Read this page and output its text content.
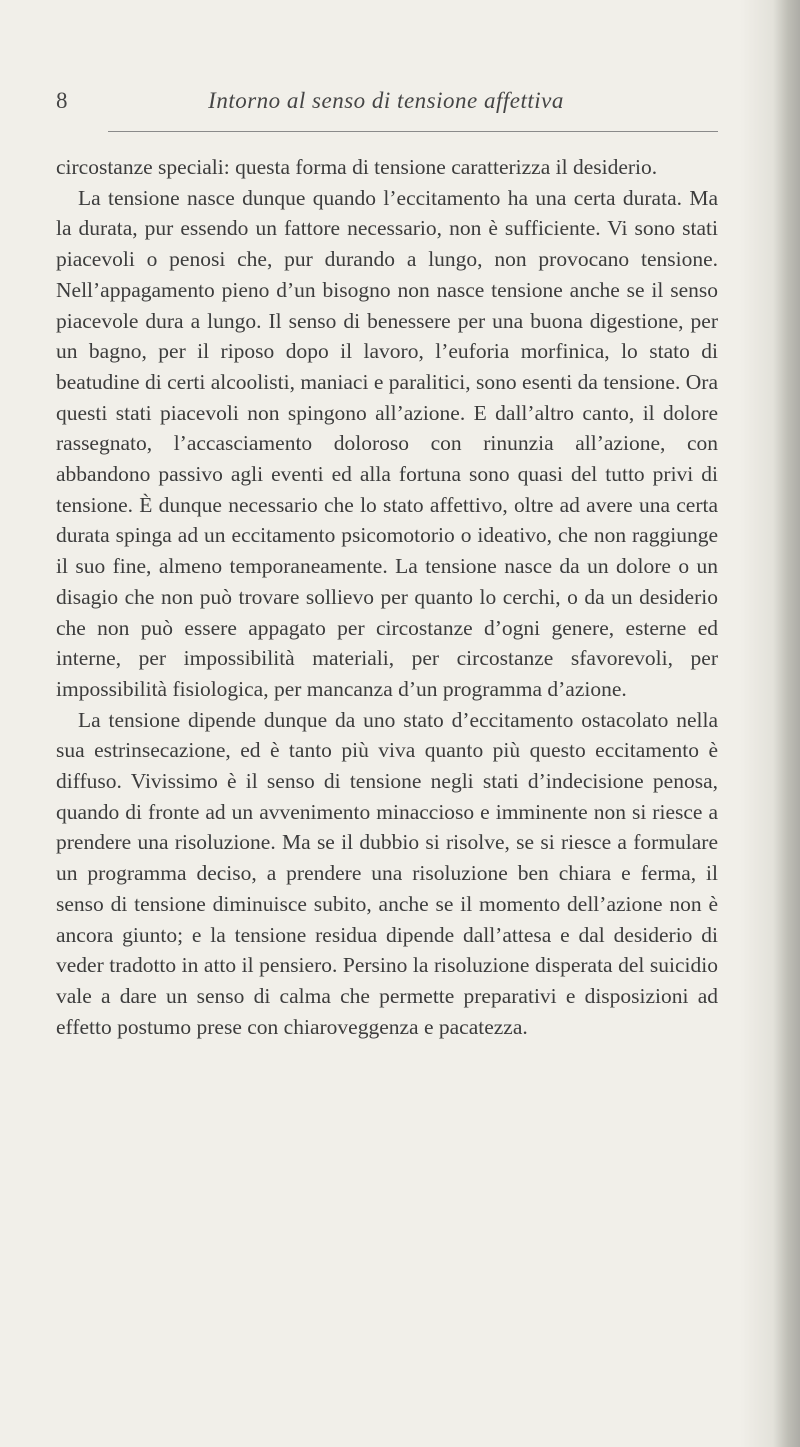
8	Intorno al senso di tensione affettiva

circostanze speciali: questa forma di tensione caratterizza il desiderio.

La tensione nasce dunque quando l’eccitamento ha una certa durata. Ma la durata, pur essendo un fattore necessario, non è sufficiente. Vi sono stati piacevoli o penosi che, pur durando a lungo, non provocano tensione. Nell’appagamento pieno d’un bisogno non nasce tensione anche se il senso piacevole dura a lungo. Il senso di benessere per una buona digestione, per un bagno, per il riposo dopo il lavoro, l’euforia morfinica, lo stato di beatudine di certi alcoolisti, maniaci e paralitici, sono esenti da tensione. Ora questi stati piacevoli non spingono all’azione. E dall’altro canto, il dolore rassegnato, l’accasciamento doloroso con rinunzia all’azione, con abbandono passivo agli eventi ed alla fortuna sono quasi del tutto privi di tensione. È dunque necessario che lo stato affettivo, oltre ad avere una certa durata spinga ad un eccitamento psicomotorio o ideativo, che non raggiunge il suo fine, almeno temporaneamente. La tensione nasce da un dolore o un disagio che non può trovare sollievo per quanto lo cerchi, o da un desiderio che non può essere appagato per circostanze d’ogni genere, esterne ed interne, per impossibilità materiali, per circostanze sfavorevoli, per impossibilità fisiologica, per mancanza d’un programma d’azione.

La tensione dipende dunque da uno stato d’eccitamento ostacolato nella sua estrinsecazione, ed è tanto più viva quanto più questo eccitamento è diffuso. Vivissimo è il senso di tensione negli stati d’indecisione penosa, quando di fronte ad un avvenimento minaccioso e imminente non si riesce a prendere una risoluzione. Ma se il dubbio si risolve, se si riesce a formulare un programma deciso, a prendere una risoluzione ben chiara e ferma, il senso di tensione diminuisce subito, anche se il momento dell’azione non è ancora giunto; e la tensione residua dipende dall’attesa e dal desiderio di veder tradotto in atto il pensiero. Persino la risoluzione disperata del suicidio vale a dare un senso di calma che permette preparativi e disposizioni ad effetto postumo prese con chiaroveggenza e pacatezza.
